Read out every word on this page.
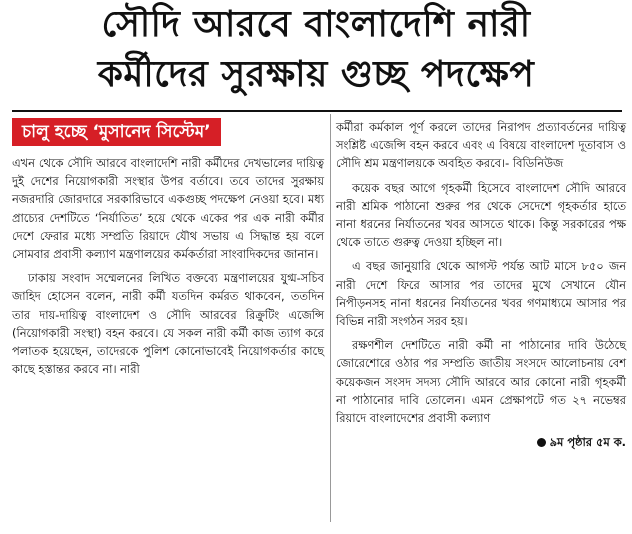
সৌদি আরবে বাংলাদেশি নারী
কর্মীদের সুরক্ষায় গুচ্ছ পদক্ষেপ
চালু হচ্ছে ‘মুসানেদ সিস্টেম’

এখন থেকে সৌদি আরবে বাংলাদেশি নারী কর্মীদের দেখভালের দায়িত্ব দুই দেশের নিয়োগকারী সংস্থার উপর বর্তাবে। তবে তাদের সুরক্ষায় নজরদারি জোরদারে সরকারিভাবে একগুচ্ছ পদক্ষেপ নেওয়া হবে। মধ্য প্রাচ্যের দেশটিতে ‘নির্যাতিত’ হয়ে থেকে একের পর এক নারী কর্মীর দেশে ফেরার মধ্যে সম্প্রতি রিয়াদে যৌথ সভায় এ সিদ্ধান্ত হয় বলে সোমবার প্রবাসী কল্যাণ মন্ত্রণালয়ের কর্মকর্তারা সাংবাদিকদের জানান।

ঢাকায় সংবাদ সম্মেলনের লিখিত বক্তব্যে মন্ত্রণালয়ের যুগ্ম-সচিব জাহিদ হোসেন বলেন, নারী কর্মী যতদিন কর্মরত থাকবেন, ততদিন তার দায়-দায়িত্ব বাংলাদেশ ও সৌদি আরবের রিক্রুটিং এজেন্সি (নিয়োগকারী সংস্থা) বহন করবে। যে সকল নারী কর্মী কাজ ত্যাগ করে পলাতক হয়েছেন, তাদেরকে পুলিশ কোনোভাবেই নিয়োগকর্তার কাছে কাছে হস্তান্তর করবে না। নারী

কর্মীরা কর্মকাল পূর্ণ করলে তাদের নিরাপদ প্রত্যাবর্তনের দায়িত্ব সংশ্লিষ্ট এজেন্সি বহন করবে এবং এ বিষয়ে বাংলাদেশ দূতাবাস ও সৌদি শ্রম মন্ত্রণালয়কে অবহিত করবে।- বিডিনিউজ

কয়েক বছর আগে গৃহকর্মী হিসেবে বাংলাদেশ সৌদি আরবে নারী শ্রমিক পাঠানো শুরুর পর থেকে সেদেশে গৃহকর্তার হাতে নানা ধরনের নির্যাতনের খবর আসতে থাকে। কিন্তু সরকারের পক্ষ থেকে তাতে গুরুত্ব দেওয়া হচ্ছিল না।

এ বছর জানুয়ারি থেকে আগস্ট পর্যন্ত আট মাসে ৮৫০ জন নারী দেশে ফিরে আসার পর তাদের মুখে সেখানে যৌন নিপীড়নসহ নানা ধরনের নির্যাতনের খবর গণমাধ্যমে আসার পর বিভিন্ন নারী সংগঠন সরব হয়।

রক্ষণশীল দেশটিতে নারী কর্মী না পাঠানোর দাবি উঠেছে জোরেশোরে ওঠার পর সম্প্রতি জাতীয় সংসদে আলোচনায় বেশ কয়েকজন সংসদ সদস্য সৌদি আরবে আর কোনো নারী গৃহকর্মী না পাঠানোর দাবি তোলেন। এমন প্রেক্ষাপটে গত ২৭ নভেম্বর রিয়াদে বাংলাদেশের প্রবাসী কল্যাণ

৯ম পৃষ্ঠার ৫ম ক.
